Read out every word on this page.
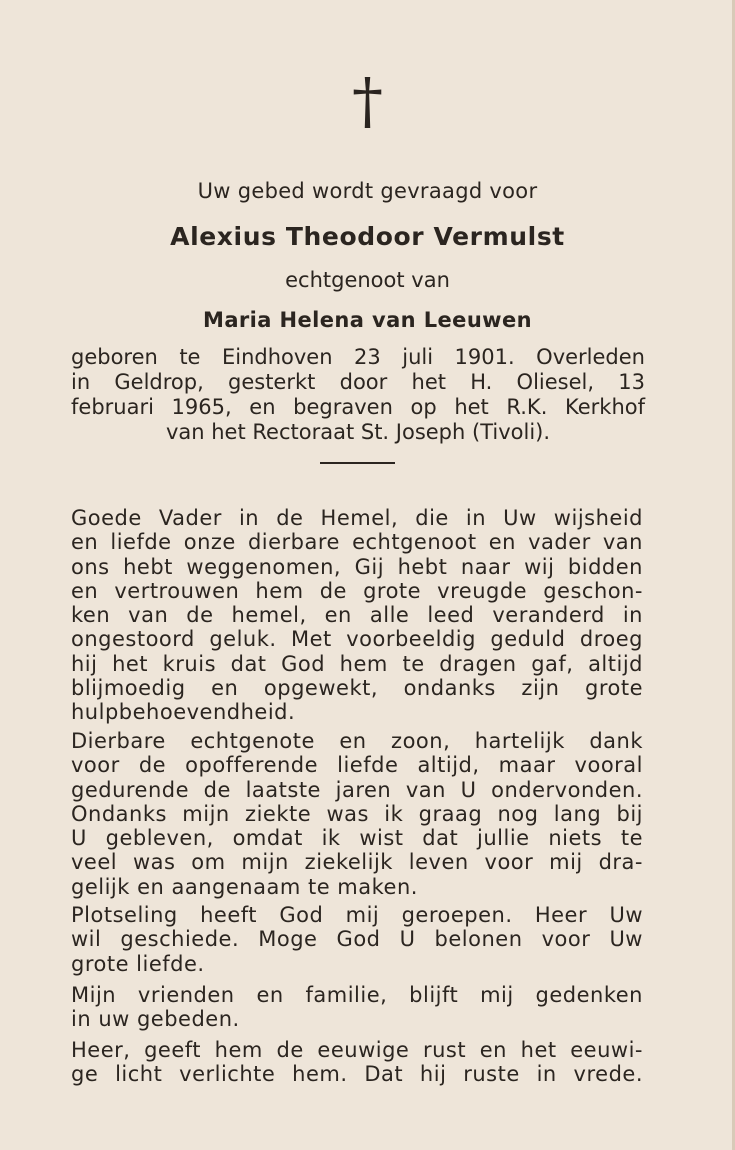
†
Uw gebed wordt gevraagd voor
Alexius Theodoor Vermulst
echtgenoot van
Maria Helena van Leeuwen
geboren te Eindhoven 23 juli 1901. Overleden
in Geldrop, gesterkt door het H. Oliesel, 13
februari 1965, en begraven op het R.K. Kerkhof
van het Rectoraat St. Joseph (Tivoli).
Goede Vader in de Hemel, die in Uw wijsheid
en liefde onze dierbare echtgenoot en vader van
ons hebt weggenomen, Gij hebt naar wij bidden
en vertrouwen hem de grote vreugde geschon-
ken van de hemel, en alle leed veranderd in
ongestoord geluk. Met voorbeeldig geduld droeg
hij het kruis dat God hem te dragen gaf, altijd
blijmoedig en opgewekt, ondanks zijn grote
hulpbehoevendheid.
Dierbare echtgenote en zoon, hartelijk dank
voor de opofferende liefde altijd, maar vooral
gedurende de laatste jaren van U ondervonden.
Ondanks mijn ziekte was ik graag nog lang bij
U gebleven, omdat ik wist dat jullie niets te
veel was om mijn ziekelijk leven voor mij dra-
gelijk en aangenaam te maken.
Plotseling heeft God mij geroepen. Heer Uw
wil geschiede. Moge God U belonen voor Uw
grote liefde.
Mijn vrienden en familie, blijft mij gedenken
in uw gebeden.
Heer, geeft hem de eeuwige rust en het eeuwi-
ge licht verlichte hem. Dat hij ruste in vrede.
